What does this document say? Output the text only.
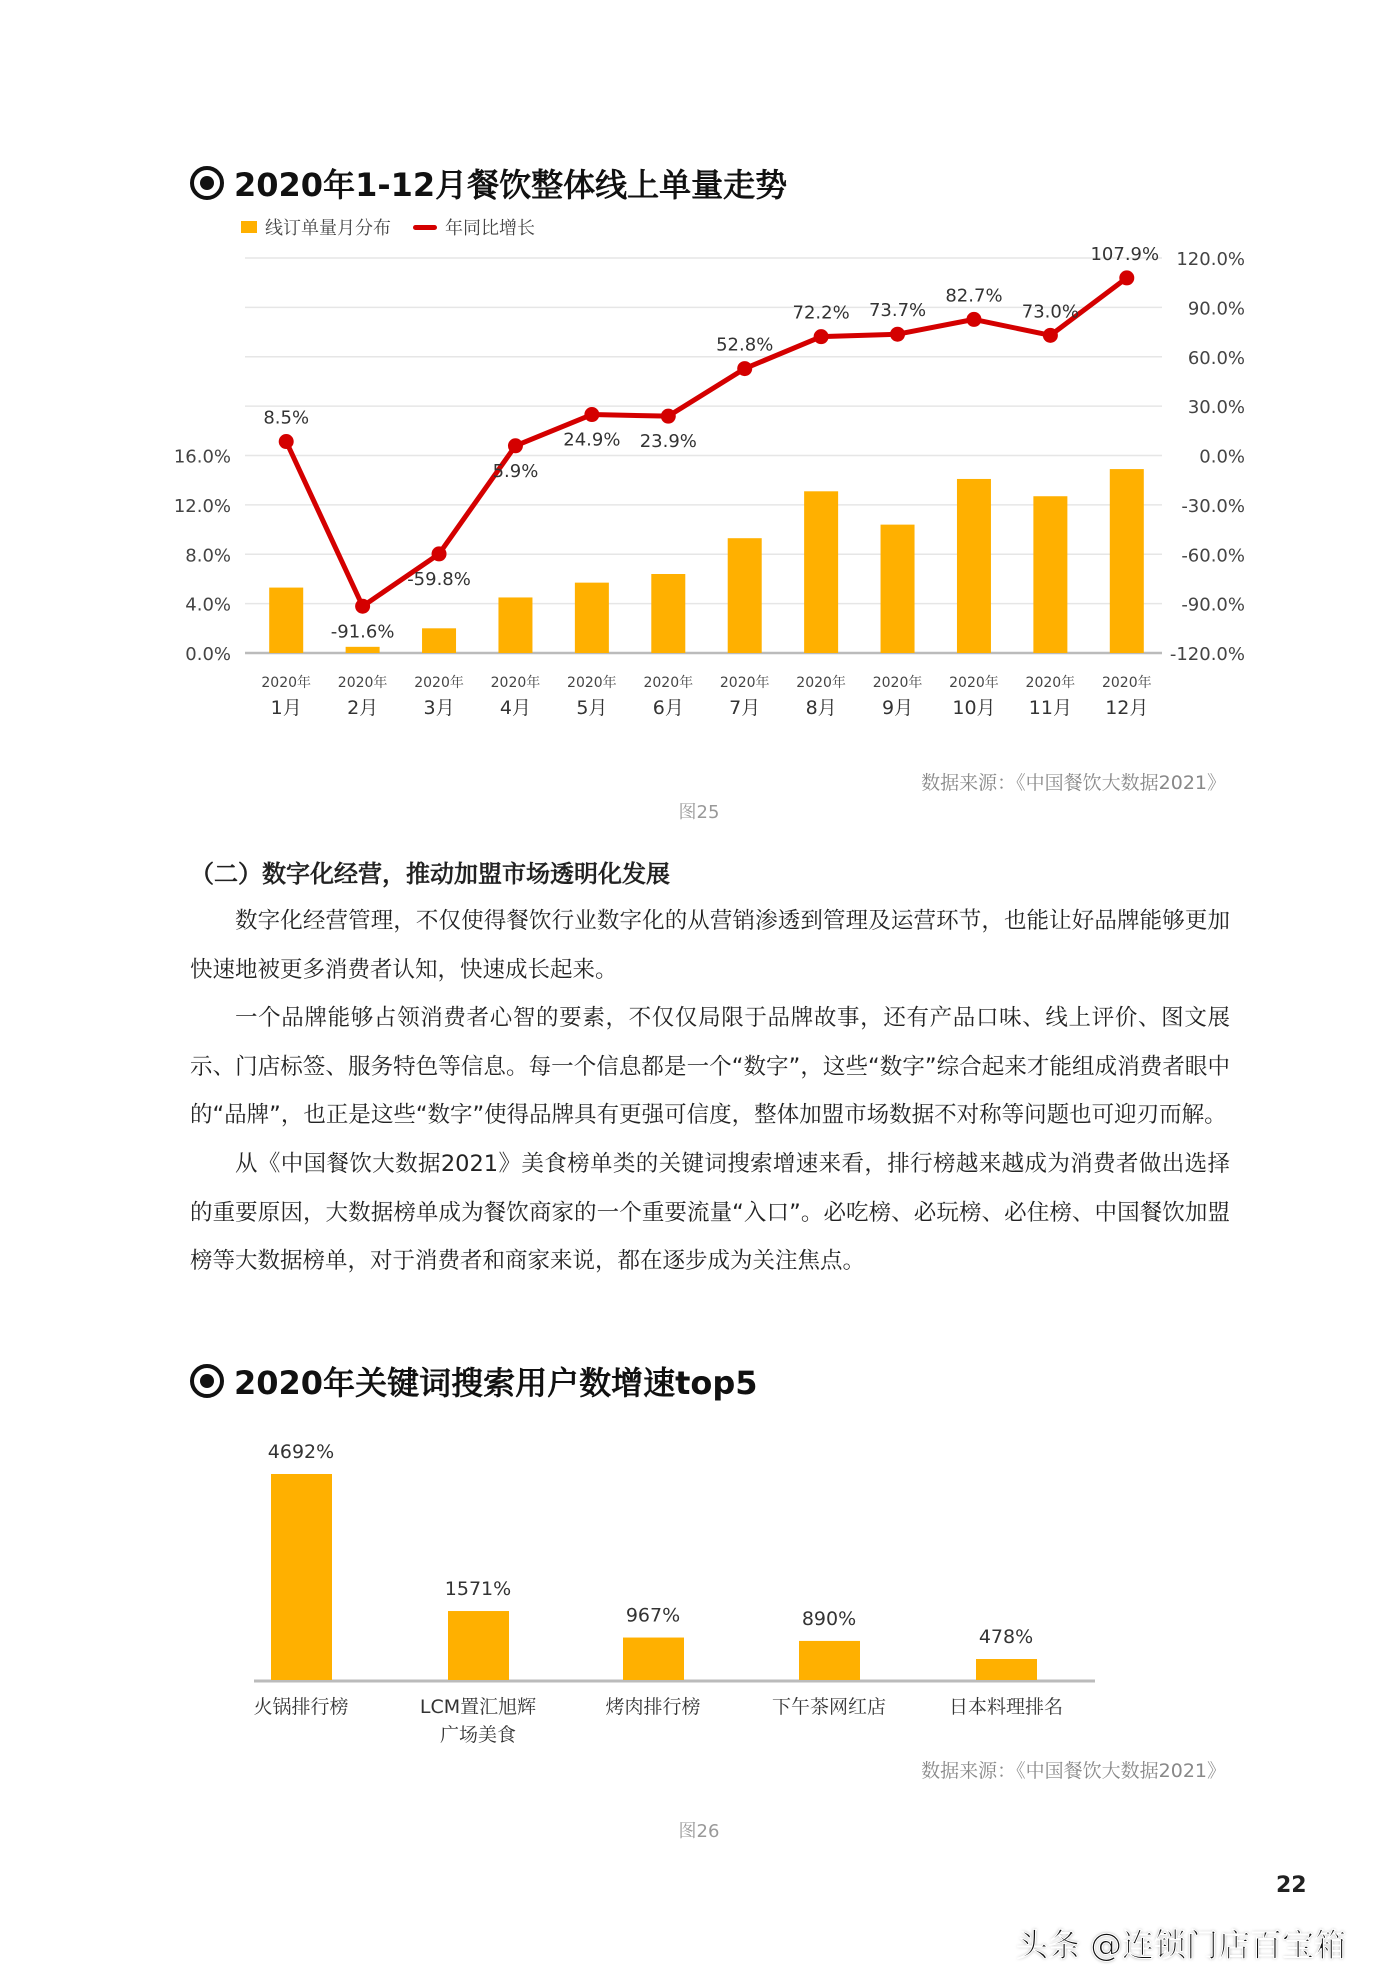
2020年1-12月餐饮整体线上单量走势
线订单量月分布	年同比增长
-120.0%
-90.0%
-60.0%
-30.0%
0.0%
30.0%
60.0%
90.0%
120.0%
0.0%
4.0%
8.0%
12.0%
16.0%
2020年
1月
2020年
2月
2020年
3月
2020年
4月
2020年
5月
2020年
6月
2020年
7月
2020年
8月
2020年
9月
2020年
10月
2020年
11月
2020年
12月
8.5%
-91.6%
-59.8%
5.9%
24.9% 23.9%
52.8%
72.2% 73.7%
82.7%
73.0%
107.9%
数据来源：《中国餐饮大数据2021》
图25
（二）数字化经营，推动加盟市场透明化发展

数字化经营管理，不仅使得餐饮行业数字化的从营销渗透到管理及运营环节，也能让好品牌能够更加快速地被更多消费者认知，快速成长起来。

一个品牌能够占领消费者心智的要素，不仅仅局限于品牌故事，还有产品口味、线上评价、图文展示、门店标签、服务特色等信息。每一个信息都是一个“数字”，这些“数字”综合起来才能组成消费者眼中的“品牌”，也正是这些“数字”使得品牌具有更强可信度，整体加盟市场数据不对称等问题也可迎刃而解。

从《中国餐饮大数据2021》美食榜单类的关键词搜索增速来看，排行榜越来越成为消费者做出选择的重要原因，大数据榜单成为餐饮商家的一个重要流量“入口”。必吃榜、必玩榜、必住榜、中国餐饮加盟榜等大数据榜单，对于消费者和商家来说，都在逐步成为关注焦点。

2020年关键词搜索用户数增速top5
4692%
火锅排行榜
1571%
LCM置汇旭辉
广场美食
967%
烤肉排行榜
890%
下午茶网红店
478%
日本料理排名
数据来源：《中国餐饮大数据2021》
图26
22
头条 @连锁门店百宝箱
